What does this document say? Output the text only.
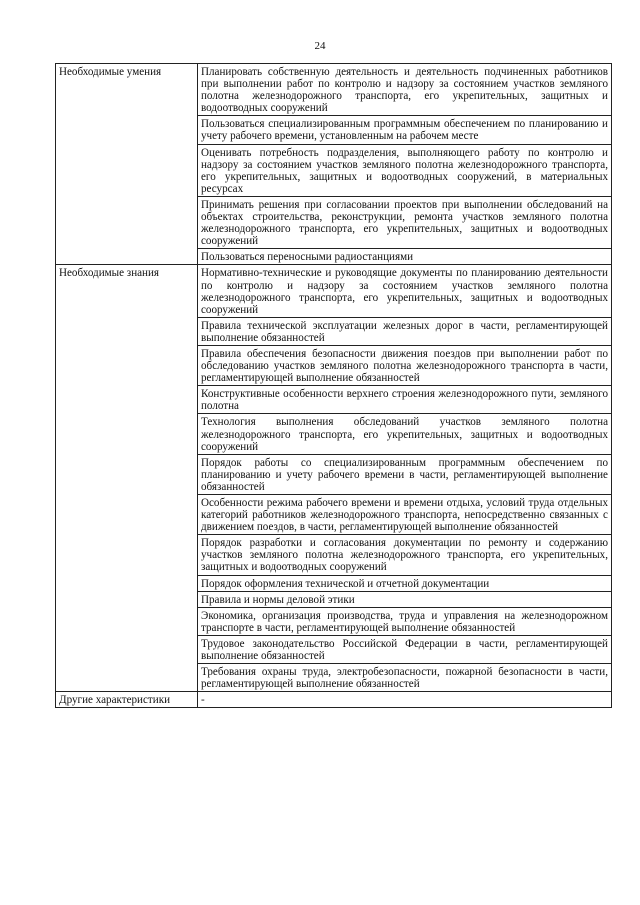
24
Необходимые умения	Планировать собственную деятельность и деятельность подчиненных работников при выполнении работ по контролю и надзору за состоянием участков земляного полотна железнодорожного транспорта, его укрепительных, защитных и водоотводных сооружений

	Пользоваться специализированным программным обеспечением по планированию и учету рабочего времени, установленным на рабочем месте

	Оценивать потребность подразделения, выполняющего работу по контролю и надзору за состоянием участков земляного полотна железнодорожного транспорта, его укрепительных, защитных и водоотводных сооружений, в материальных ресурсах

	Принимать решения при согласовании проектов при выполнении обследований на объектах строительства, реконструкции, ремонта участков земляного полотна железнодорожного транспорта, его укрепительных, защитных и водоотводных сооружений

	Пользоваться переносными радиостанциями

Необходимые знания	Нормативно-технические и руководящие документы по планированию деятельности по контролю и надзору за состоянием участков земляного полотна железнодорожного транспорта, его укрепительных, защитных и водоотводных сооружений

	Правила технической эксплуатации железных дорог в части, регламентирующей выполнение обязанностей

	Правила обеспечения безопасности движения поездов при выполнении работ по обследованию участков земляного полотна железнодорожного транспорта в части, регламентирующей выполнение обязанностей

	Конструктивные особенности верхнего строения железнодорожного пути, земляного полотна

	Технология выполнения обследований участков земляного полотна железнодорожного транспорта, его укрепительных, защитных и водоотводных сооружений

	Порядок работы со специализированным программным обеспечением по планированию и учету рабочего времени в части, регламентирующей выполнение обязанностей

	Особенности режима рабочего времени и времени отдыха, условий труда отдельных категорий работников железнодорожного транспорта, непосредственно связанных с движением поездов, в части, регламентирующей выполнение обязанностей

	Порядок разработки и согласования документации по ремонту и содержанию участков земляного полотна железнодорожного транспорта, его укрепительных, защитных и водоотводных сооружений

	Порядок оформления технической и отчетной документации

	Правила и нормы деловой этики

	Экономика, организация производства, труда и управления на железнодорожном транспорте в части, регламентирующей выполнение обязанностей

	Трудовое законодательство Российской Федерации в части, регламентирующей выполнение обязанностей

	Требования охраны труда, электробезопасности, пожарной безопасности в части, регламентирующей выполнение обязанностей

Другие характеристики	-
